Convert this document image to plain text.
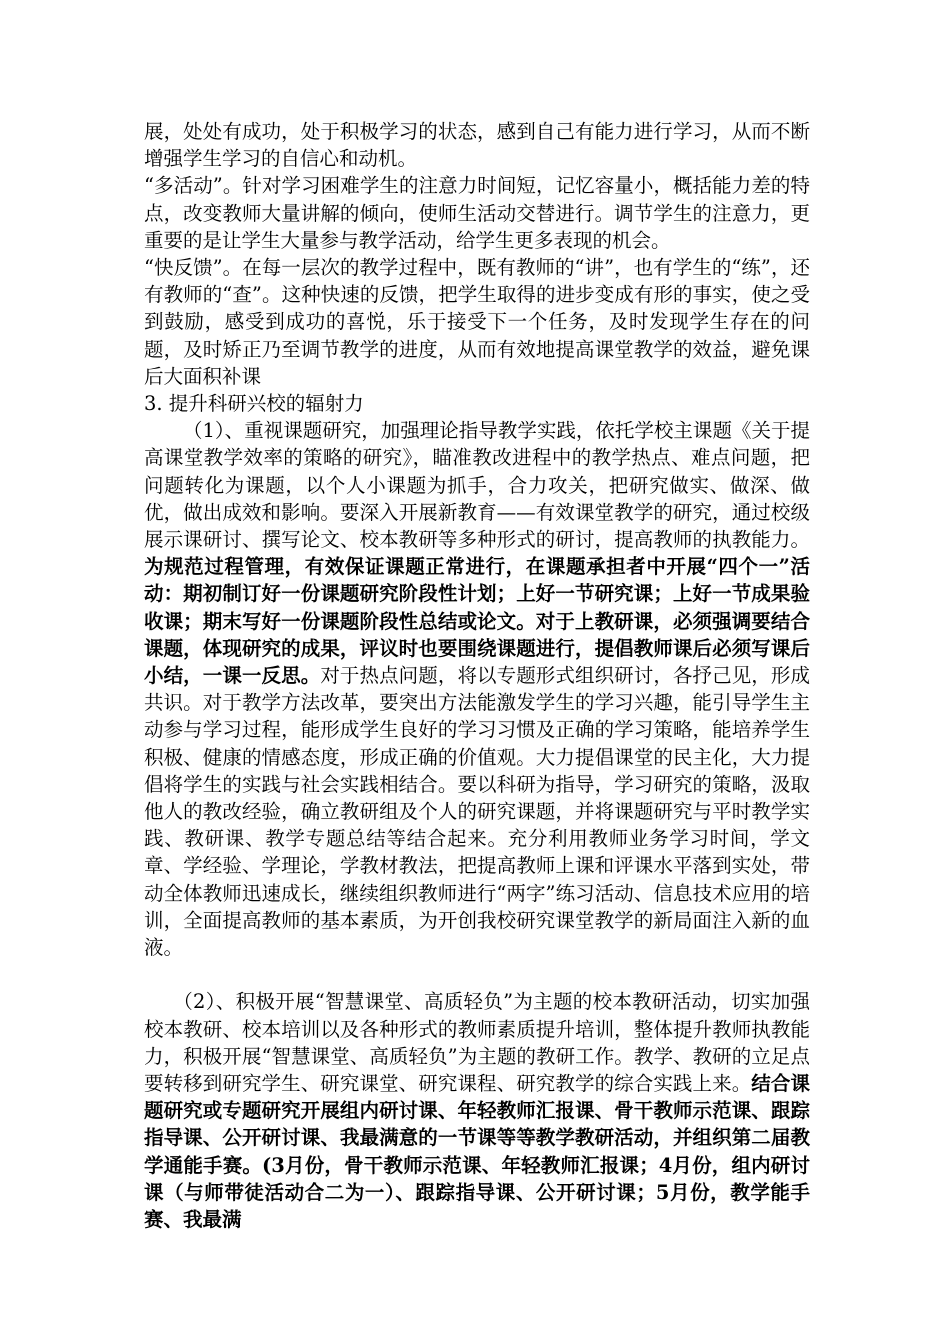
展，处处有成功，处于积极学习的状态，感到自己有能力进行学习，从而不断增强学生学习的自信心和动机。

“多活动”。针对学习困难学生的注意力时间短，记忆容量小，概括能力差的特点，改变教师大量讲解的倾向，使师生活动交替进行。调节学生的注意力，更重要的是让学生大量参与教学活动，给学生更多表现的机会。

“快反馈”。在每一层次的教学过程中，既有教师的“讲”，也有学生的“练”，还有教师的“查”。这种快速的反馈，把学生取得的进步变成有形的事实，使之受到鼓励，感受到成功的喜悦，乐于接受下一个任务，及时发现学生存在的问题，及时矫正乃至调节教学的进度，从而有效地提高课堂教学的效益，避免课后大面积补课

3. 提升科研兴校的辐射力

（1）、重视课题研究，加强理论指导教学实践，依托学校主课题《关于提高课堂教学效率的策略的研究》，瞄准教改进程中的教学热点、难点问题，把问题转化为课题，以个人小课题为抓手，合力攻关，把研究做实、做深、做优，做出成效和影响。要深入开展新教育——有效课堂教学的研究，通过校级展示课研讨、撰写论文、校本教研等多种形式的研讨，提高教师的执教能力。为规范过程管理，有效保证课题正常进行，在课题承担者中开展“四个一”活动：期初制订好一份课题研究阶段性计划；上好一节研究课；上好一节成果验收课；期末写好一份课题阶段性总结或论文。对于上教研课，必须强调要结合课题，体现研究的成果，评议时也要围绕课题进行，提倡教师课后必须写课后小结，一课一反思。对于热点问题，将以专题形式组织研讨，各抒己见，形成共识。对于教学方法改革，要突出方法能激发学生的学习兴趣，能引导学生主动参与学习过程，能形成学生良好的学习习惯及正确的学习策略，能培养学生积极、健康的情感态度，形成正确的价值观。大力提倡课堂的民主化，大力提倡将学生的实践与社会实践相结合。要以科研为指导，学习研究的策略，汲取他人的教改经验，确立教研组及个人的研究课题，并将课题研究与平时教学实践、教研课、教学专题总结等结合起来。充分利用教师业务学习时间，学文章、学经验、学理论，学教材教法，把提高教师上课和评课水平落到实处，带动全体教师迅速成长，继续组织教师进行“两字”练习活动、信息技术应用的培训，全面提高教师的基本素质，为开创我校研究课堂教学的新局面注入新的血液。

（2）、积极开展“智慧课堂、高质轻负”为主题的校本教研活动，切实加强校本教研、校本培训以及各种形式的教师素质提升培训，整体提升教师执教能力，积极开展“智慧课堂、高质轻负”为主题的教研工作。教学、教研的立足点要转移到研究学生、研究课堂、研究课程、研究教学的综合实践上来。结合课题研究或专题研究开展组内研讨课、年轻教师汇报课、骨干教师示范课、跟踪指导课、公开研讨课、我最满意的一节课等等教学教研活动，并组织第二届教学通能手赛。(3月份，骨干教师示范课、年轻教师汇报课；4月份，组内研讨课（与师带徒活动合二为一）、跟踪指导课、公开研讨课；5月份，教学能手赛、我最满
